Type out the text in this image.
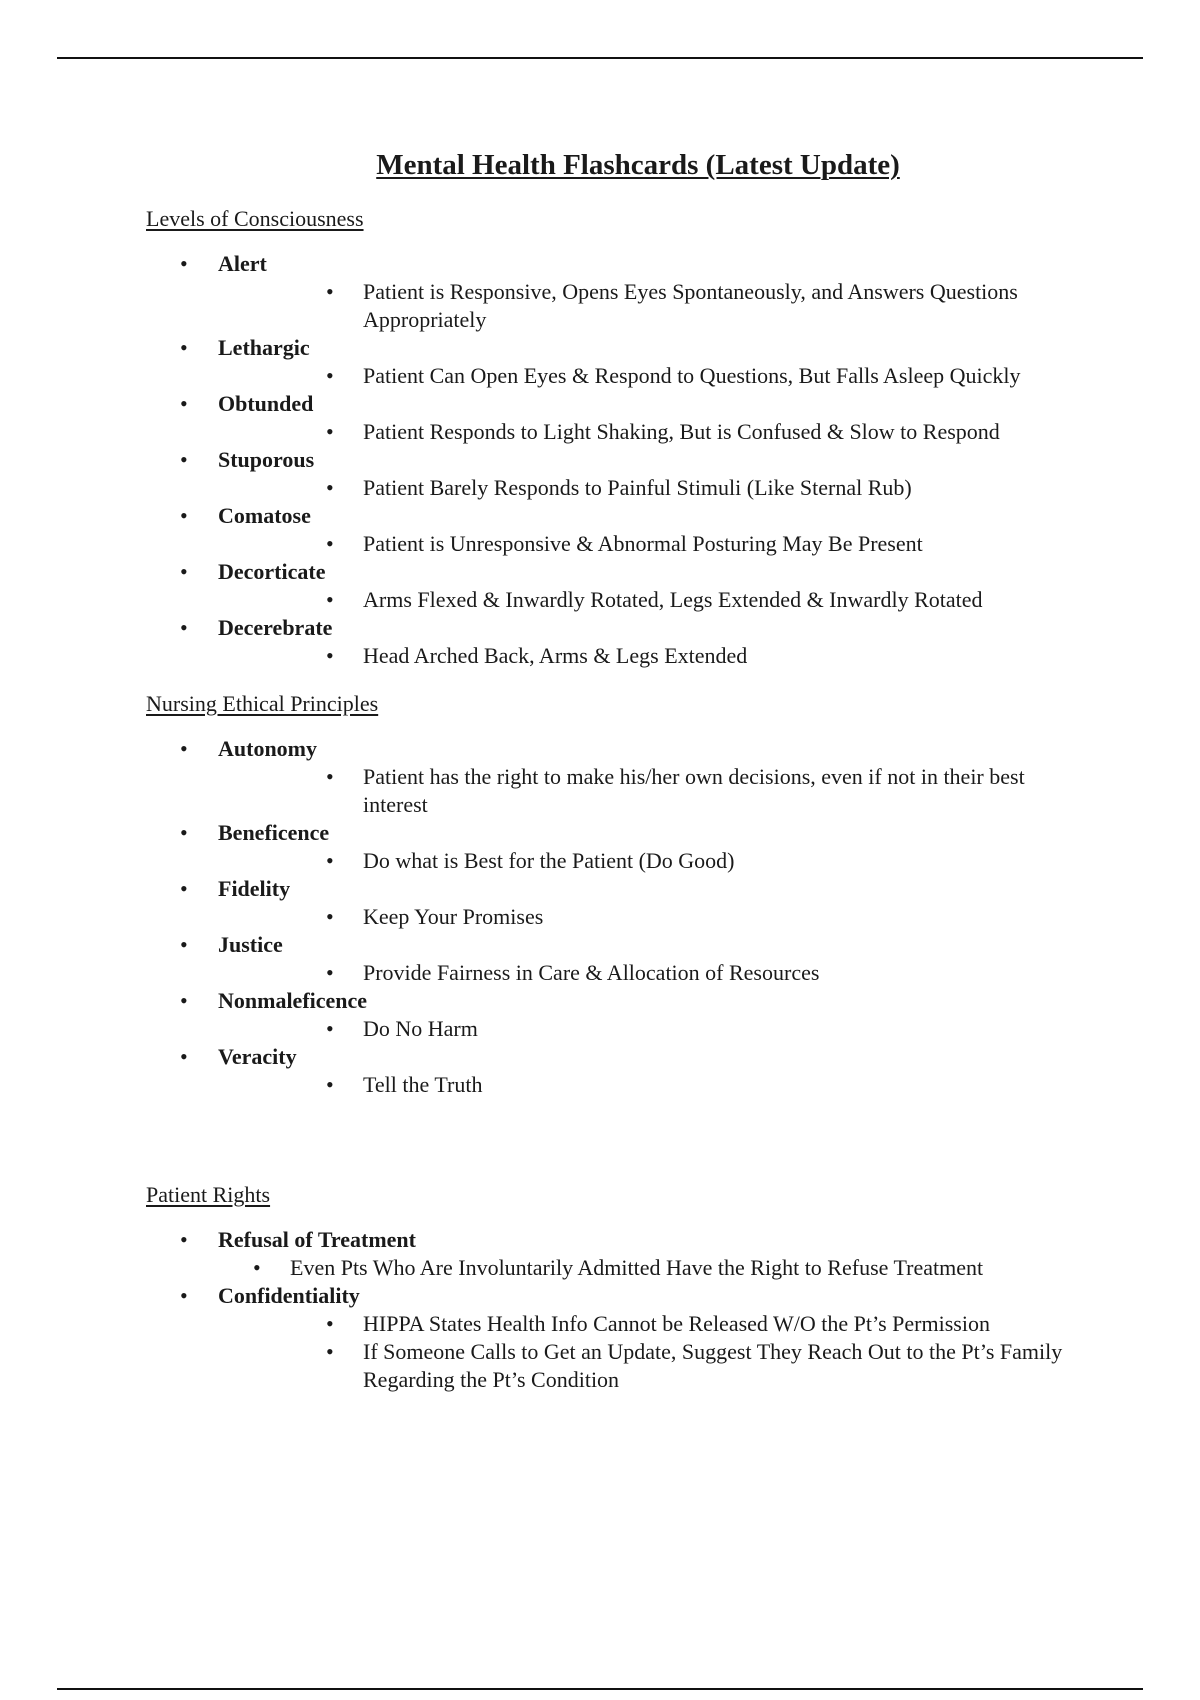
Mental Health Flashcards (Latest Update)

Levels of Consciousness

• Alert
• Patient is Responsive, Opens Eyes Spontaneously, and Answers Questions Appropriately
• Lethargic
• Patient Can Open Eyes & Respond to Questions, But Falls Asleep Quickly
• Obtunded
• Patient Responds to Light Shaking, But is Confused & Slow to Respond
• Stuporous
• Patient Barely Responds to Painful Stimuli (Like Sternal Rub)
• Comatose
• Patient is Unresponsive & Abnormal Posturing May Be Present
• Decorticate
• Arms Flexed & Inwardly Rotated, Legs Extended & Inwardly Rotated
• Decerebrate
• Head Arched Back, Arms & Legs Extended

Nursing Ethical Principles

• Autonomy
• Patient has the right to make his/her own decisions, even if not in their best interest
• Beneficence
• Do what is Best for the Patient (Do Good)
• Fidelity
• Keep Your Promises
• Justice
• Provide Fairness in Care & Allocation of Resources
• Nonmaleficence
• Do No Harm
• Veracity
• Tell the Truth

Patient Rights

• Refusal of Treatment
• Even Pts Who Are Involuntarily Admitted Have the Right to Refuse Treatment
• Confidentiality
• HIPPA States Health Info Cannot be Released W/O the Pt’s Permission
• If Someone Calls to Get an Update, Suggest They Reach Out to the Pt’s Family Regarding the Pt’s Condition
